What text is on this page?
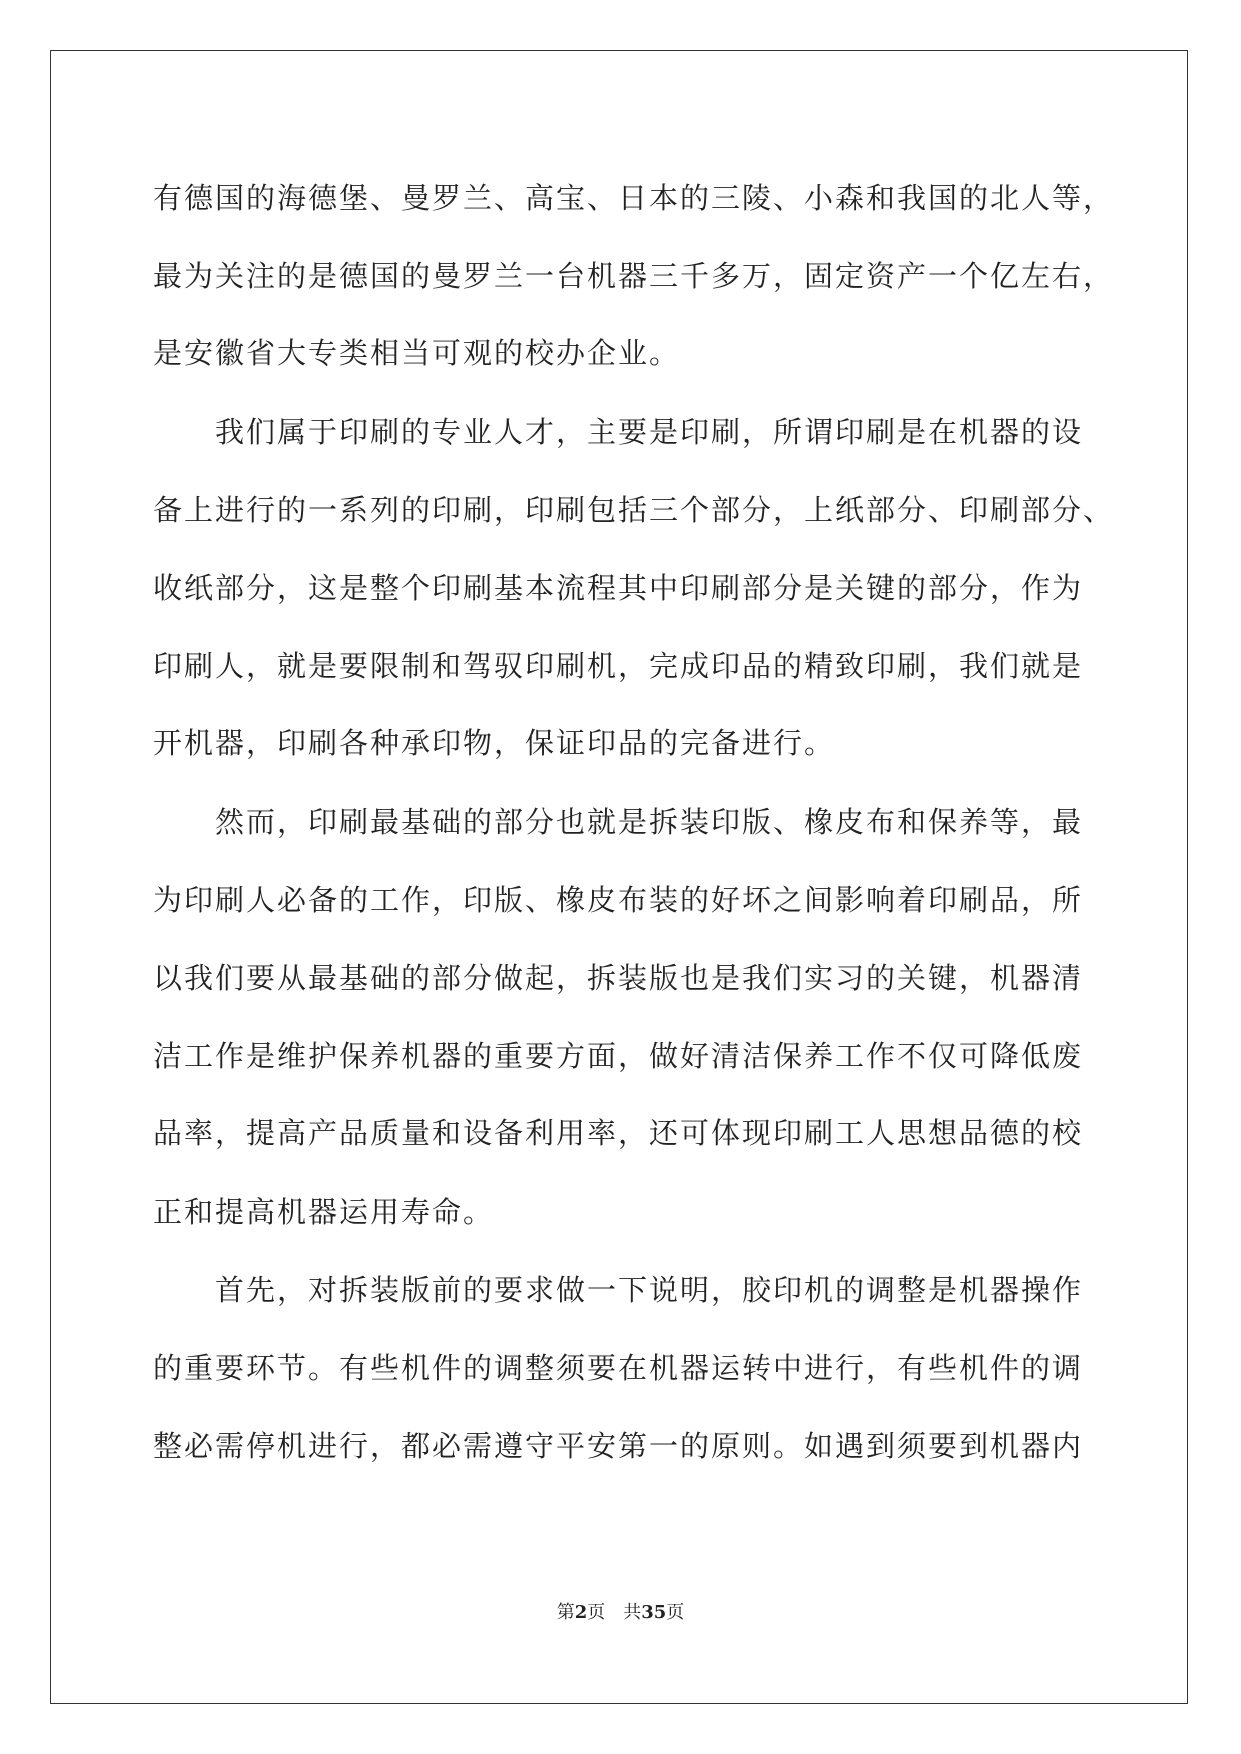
有德国的海德堡、曼罗兰、高宝、日本的三陵、小森和我国的北人等，
最为关注的是德国的曼罗兰一台机器三千多万，固定资产一个亿左右，
是安徽省大专类相当可观的校办企业。
　　我们属于印刷的专业人才，主要是印刷，所谓印刷是在机器的设
备上进行的一系列的印刷，印刷包括三个部分，上纸部分、印刷部分、
收纸部分，这是整个印刷基本流程其中印刷部分是关键的部分，作为
印刷人，就是要限制和驾驭印刷机，完成印品的精致印刷，我们就是
开机器，印刷各种承印物，保证印品的完备进行。
　　然而，印刷最基础的部分也就是拆装印版、橡皮布和保养等，最
为印刷人必备的工作，印版、橡皮布装的好坏之间影响着印刷品，所
以我们要从最基础的部分做起，拆装版也是我们实习的关键，机器清
洁工作是维护保养机器的重要方面，做好清洁保养工作不仅可降低废
品率，提高产品质量和设备利用率，还可体现印刷工人思想品德的校
正和提高机器运用寿命。
　　首先，对拆装版前的要求做一下说明，胶印机的调整是机器操作
的重要环节。有些机件的调整须要在机器运转中进行，有些机件的调
整必需停机进行，都必需遵守平安第一的原则。如遇到须要到机器内
第2页　共35页
